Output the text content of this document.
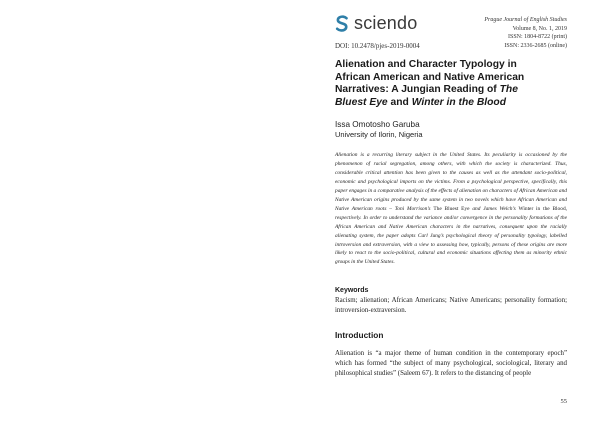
sciendo
DOI: 10.2478/pjes-2019-0004
Prague Journal of English Studies
Volume 8, No. 1, 2019
ISSN: 1804-8722 (print)
ISSN: 2336-2685 (online)
Alienation and Character Typology in
African American and Native American
Narratives: A Jungian Reading of The
Bluest Eye and Winter in the Blood
Issa Omotosho Garuba
University of Ilorin, Nigeria

Alienation is a recurring literary subject in the United States. Its peculiarity is occasioned by the phenomenon of racial segregation, among others, with which the society is characterized. Thus, considerable critical attention has been given to the causes as well as the attendant socio-political, economic and psychological imports on the victims. From a psychological perspective, specifically, this paper engages in a comparative analysis of the effects of alienation on characters of African American and Native American origins produced by the same system in two novels which have African American and Native American roots – Toni Morrison’s The Bluest Eye and James Welch’s Winter in the Blood, respectively. In order to understand the variance and/or convergence in the personality formations of the African American and Native American characters in the narratives, consequent upon the racially alienating system, the paper adopts Carl Jung’s psychological theory of personality typology, labelled introversion and extraversion, with a view to assessing how, typically, persons of these origins are more likely to react to the socio-political, cultural and economic situations affecting them as minority ethnic groups in the United States.

Keywords

Racism; alienation; African Americans; Native Americans; personality formation; introversion-extraversion.

Introduction

Alienation is “a major theme of human condition in the contemporary epoch” which has formed “the subject of many psychological, sociological, literary and philosophical studies” (Saleem 67). It refers to the distancing of people

55
